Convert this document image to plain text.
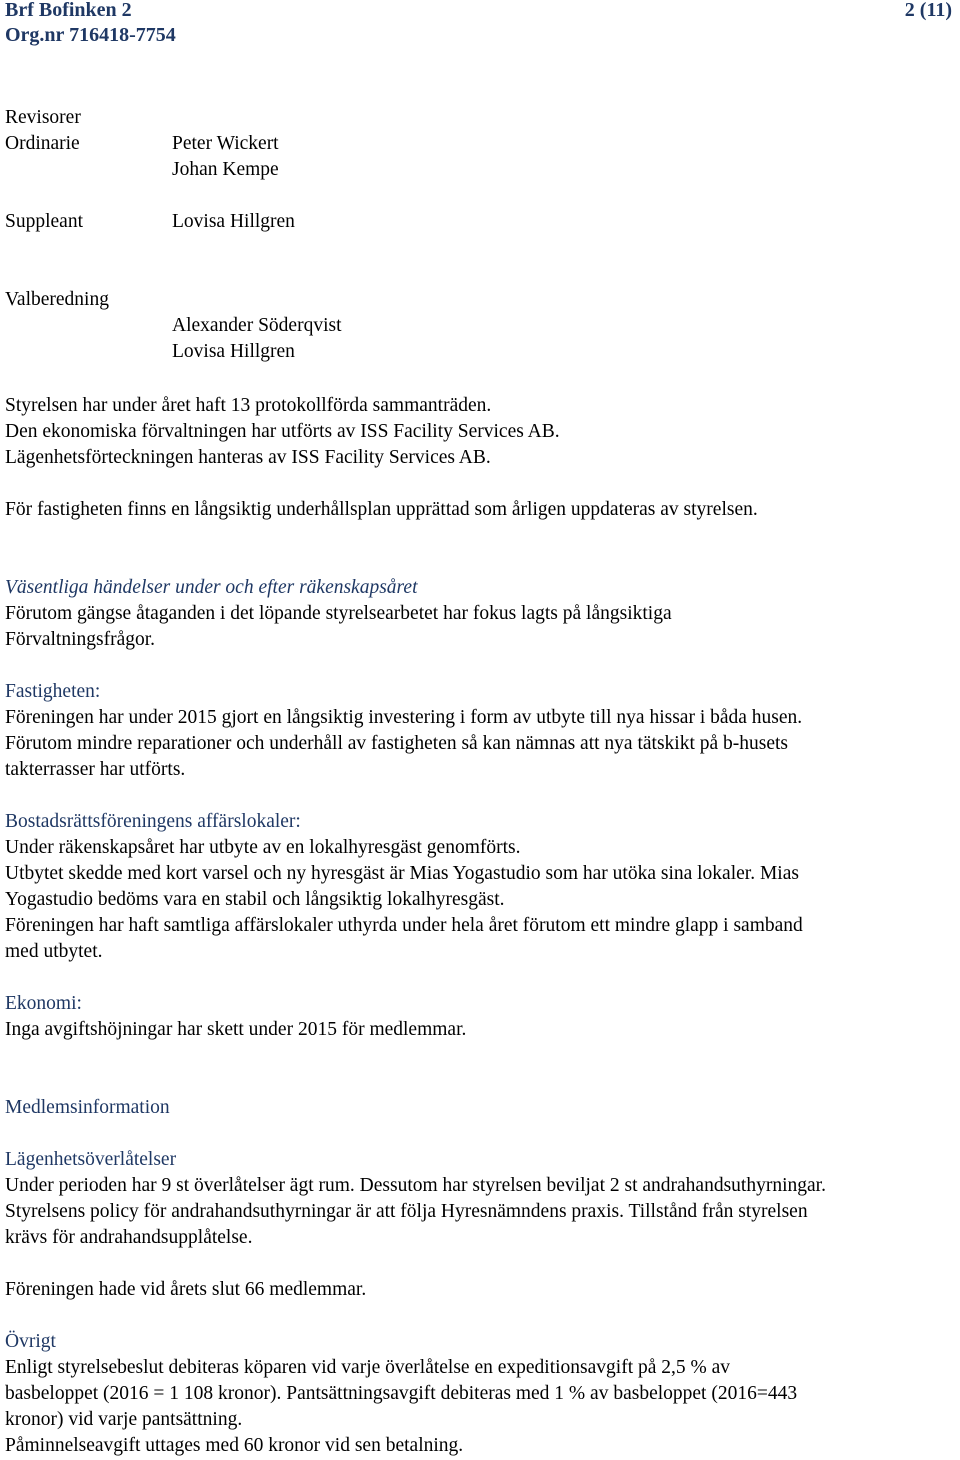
Brf Bofinken 2
Org.nr 716418-7754
2 (11)
Revisorer
Ordinarie	Peter Wickert
Johan Kempe
Suppleant	Lovisa Hillgren
Valberedning
Alexander Söderqvist
Lovisa Hillgren
Styrelsen har under året haft 13 protokollförda sammanträden.
Den ekonomiska förvaltningen har utförts av ISS Facility Services AB.
Lägenhetsförteckningen hanteras av ISS Facility Services AB.
För fastigheten finns en långsiktig underhållsplan upprättad som årligen uppdateras av styrelsen.
Väsentliga händelser under och efter räkenskapsåret
Förutom gängse åtaganden i det löpande styrelsearbetet har fokus lagts på långsiktiga
Förvaltningsfrågor.
Fastigheten:
Föreningen har under 2015 gjort en långsiktig investering i form av utbyte till nya hissar i båda husen.
Förutom mindre reparationer och underhåll av fastigheten så kan nämnas att nya tätskikt på b-husets
takterrasser har utförts.
Bostadsrättsföreningens affärslokaler:
Under räkenskapsåret har utbyte av en lokalhyresgäst genomförts.
Utbytet skedde med kort varsel och ny hyresgäst är Mias Yogastudio som har utöka sina lokaler. Mias
Yogastudio bedöms vara en stabil och långsiktig lokalhyresgäst.
Föreningen har haft samtliga affärslokaler uthyrda under hela året förutom ett mindre glapp i samband
med utbytet.
Ekonomi:
Inga avgiftshöjningar har skett under 2015 för medlemmar.
Medlemsinformation
Lägenhetsöverlåtelser
Under perioden har 9 st överlåtelser ägt rum. Dessutom har styrelsen beviljat 2 st andrahandsuthyrningar.
Styrelsens policy för andrahandsuthyrningar är att följa Hyresnämndens praxis. Tillstånd från styrelsen
krävs för andrahandsupplåtelse.
Föreningen hade vid årets slut 66 medlemmar.
Övrigt
Enligt styrelsebeslut debiteras köparen vid varje överlåtelse en expeditionsavgift på 2,5 % av
basbeloppet (2016 = 1 108 kronor). Pantsättningsavgift debiteras med 1 % av basbeloppet (2016=443
kronor) vid varje pantsättning.
Påminnelseavgift uttages med 60 kronor vid sen betalning.
